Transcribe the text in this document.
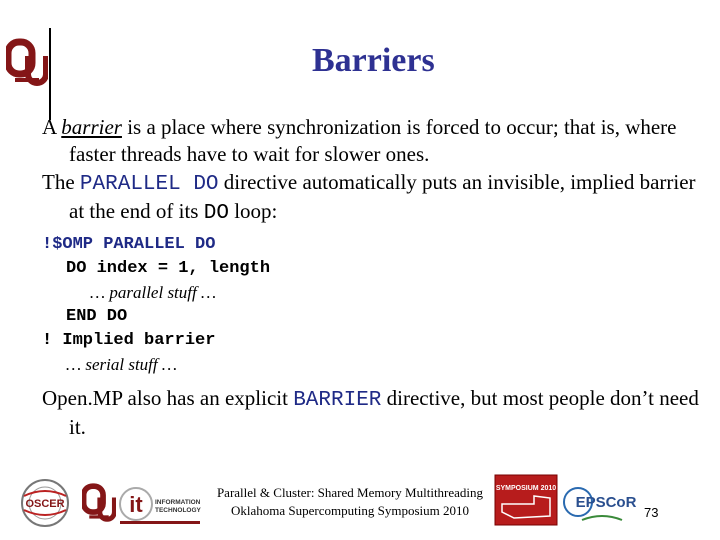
Barriers

A barrier is a place where synchronization is forced to occur; that is, where faster threads have to wait for slower ones.

The PARALLEL DO directive automatically puts an invisible, implied barrier at the end of its DO loop:

!$OMP PARALLEL DO
DO index = 1, length
… parallel stuff …
END DO
! Implied barrier
… serial stuff …

Open.MP also has an explicit BARRIER directive, but most people don’t need it.

OSCER	it INFORMATION
TECHNOLOGY
Parallel & Cluster: Shared Memory Multithreading
Oklahoma Supercomputing Symposium 2010
SYMPOSIUM 2010
EPSCoR
73
